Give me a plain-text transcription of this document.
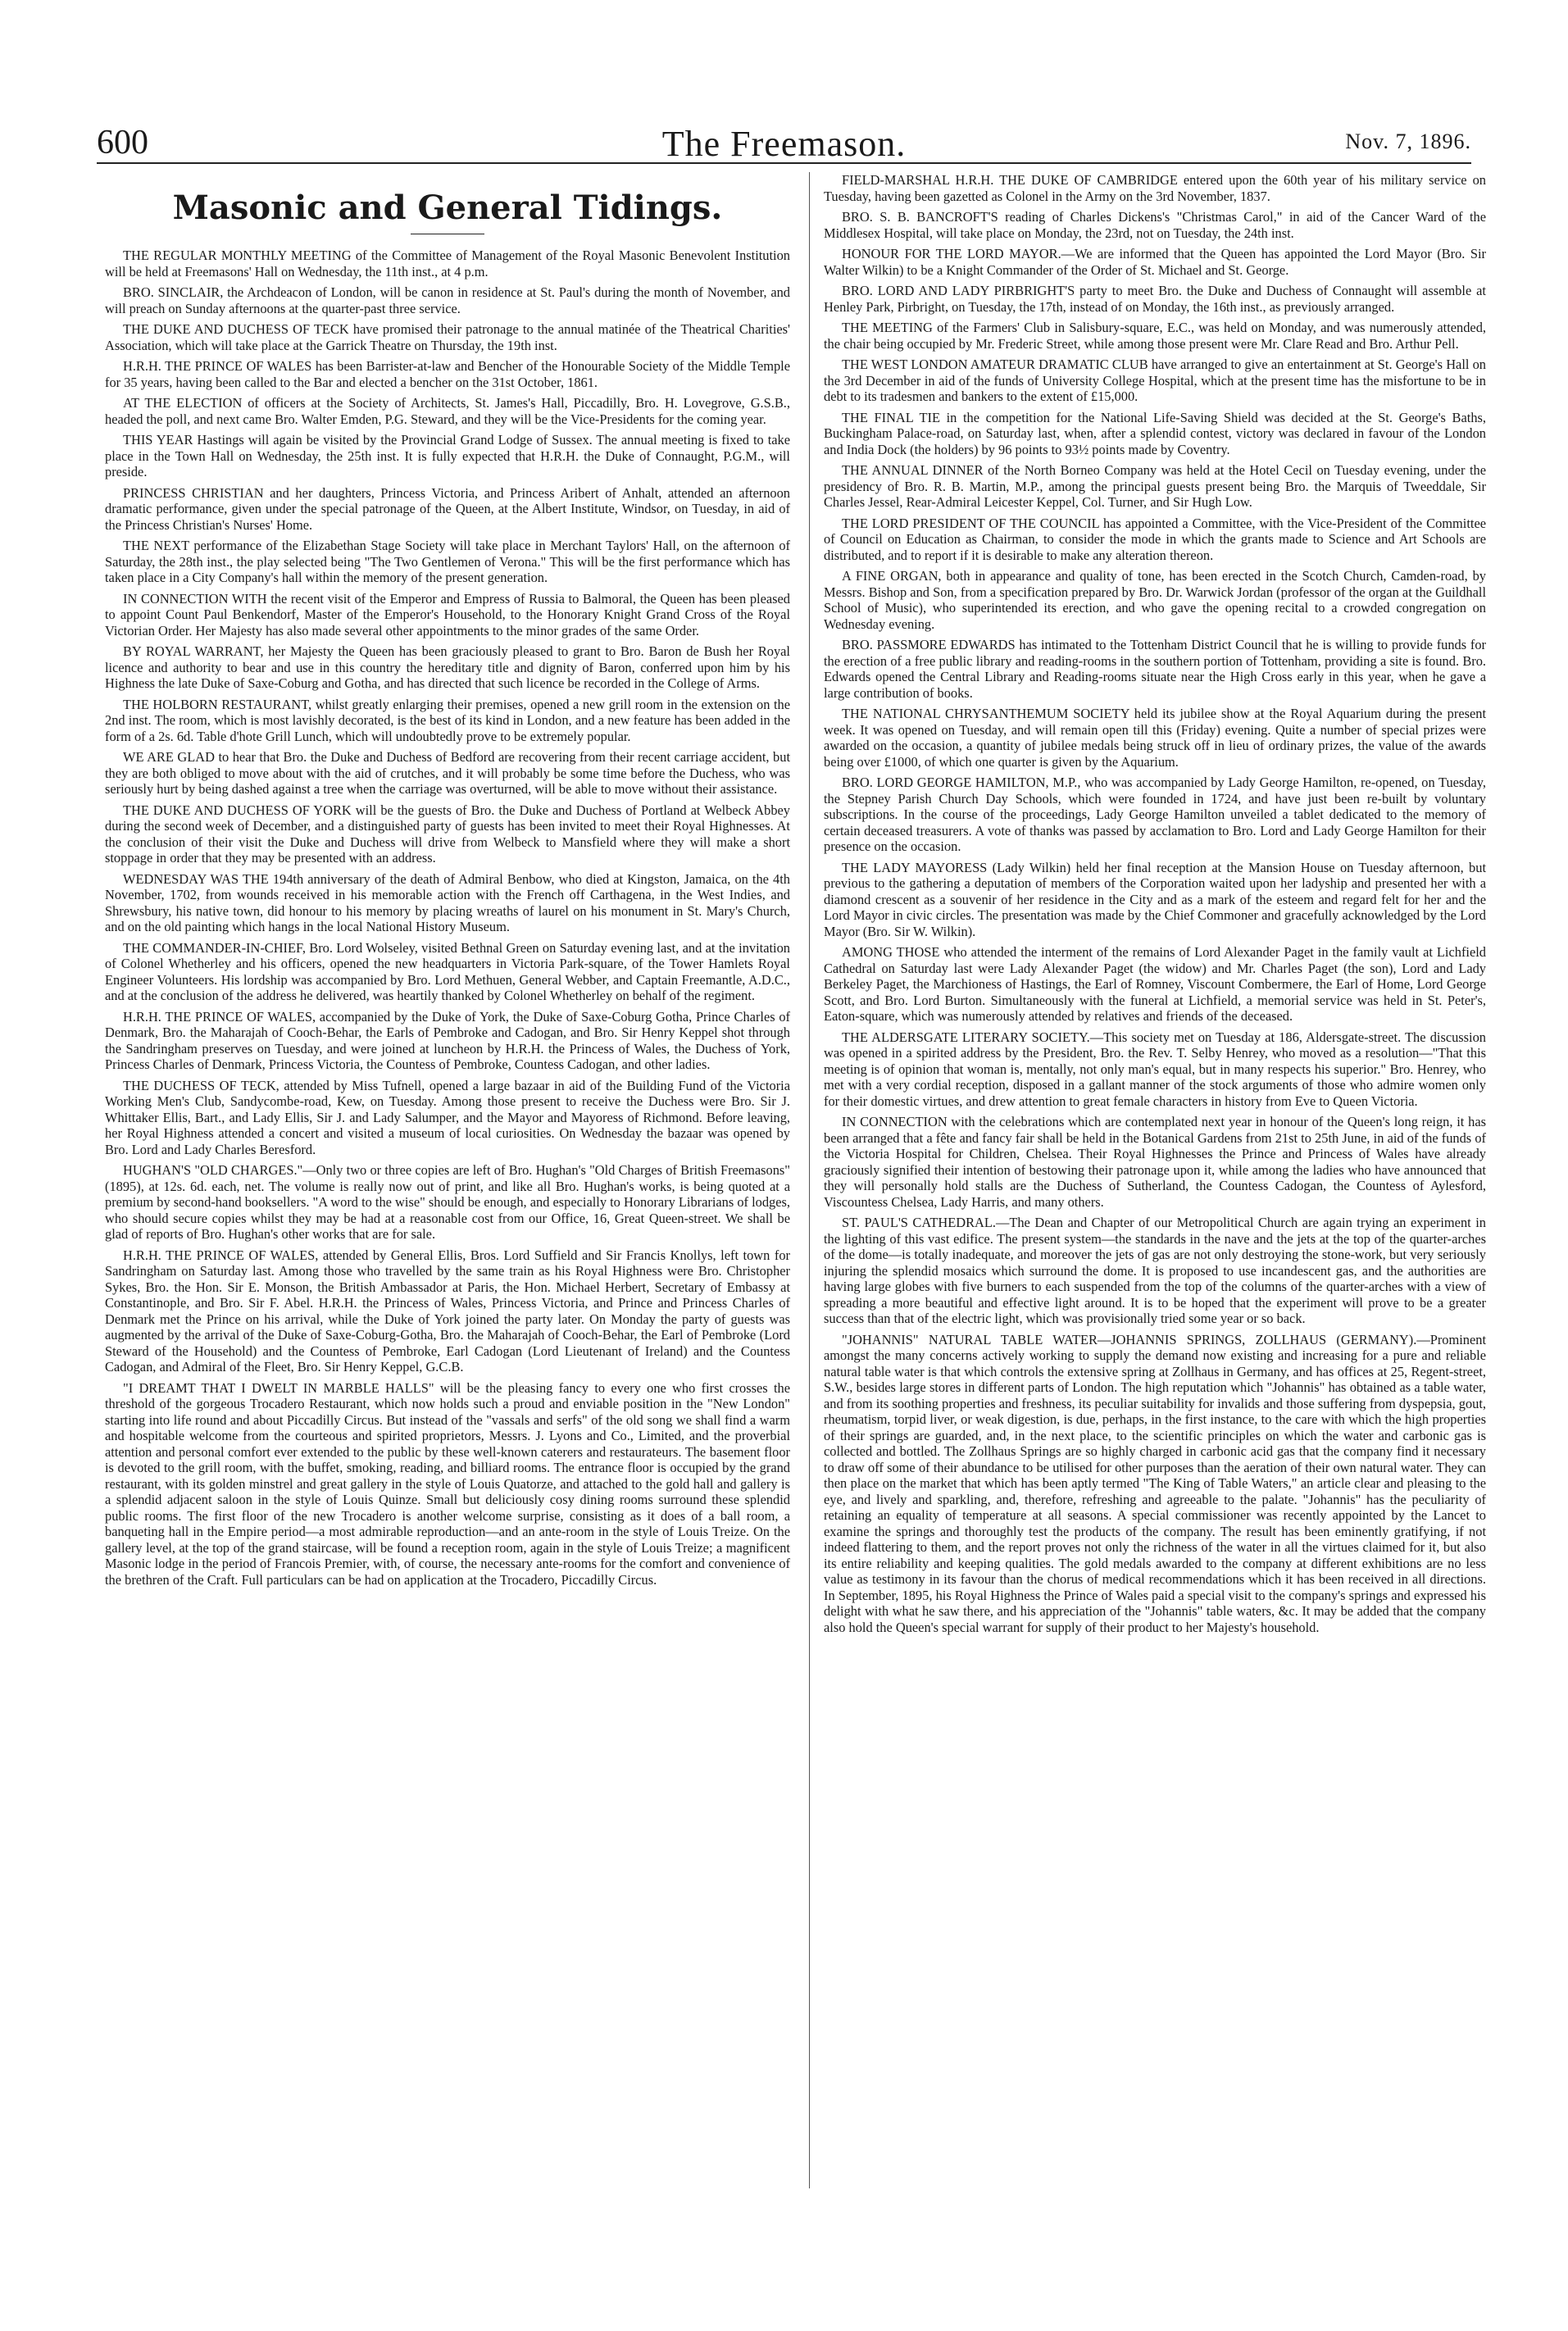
600	The Freemason.	Nov. 7, 1896.
Masonic and General Tidings.

THE REGULAR MONTHLY MEETING of the Committee of Management of the Royal Masonic Benevolent Institution will be held at Freemasons' Hall on Wednesday, the 11th inst., at 4 p.m.

BRO. SINCLAIR, the Archdeacon of London, will be canon in residence at St. Paul's during the month of November, and will preach on Sunday afternoons at the quarter-past three service.

THE DUKE AND DUCHESS OF TECK have promised their patronage to the annual matinée of the Theatrical Charities' Association, which will take place at the Garrick Theatre on Thursday, the 19th inst.

H.R.H. THE PRINCE OF WALES has been Barrister-at-law and Bencher of the Honourable Society of the Middle Temple for 35 years, having been called to the Bar and elected a bencher on the 31st October, 1861.

AT THE ELECTION of officers at the Society of Architects, St. James's Hall, Piccadilly, Bro. H. Lovegrove, G.S.B., headed the poll, and next came Bro. Walter Emden, P.G. Steward, and they will be the Vice-Presidents for the coming year.

THIS YEAR Hastings will again be visited by the Provincial Grand Lodge of Sussex. The annual meeting is fixed to take place in the Town Hall on Wednesday, the 25th inst. It is fully expected that H.R.H. the Duke of Connaught, P.G.M., will preside.

PRINCESS CHRISTIAN and her daughters, Princess Victoria, and Princess Aribert of Anhalt, attended an afternoon dramatic performance, given under the special patronage of the Queen, at the Albert Institute, Windsor, on Tuesday, in aid of the Princess Christian's Nurses' Home.

THE NEXT performance of the Elizabethan Stage Society will take place in Merchant Taylors' Hall, on the afternoon of Saturday, the 28th inst., the play selected being "The Two Gentlemen of Verona." This will be the first performance which has taken place in a City Company's hall within the memory of the present generation.

IN CONNECTION WITH the recent visit of the Emperor and Empress of Russia to Balmoral, the Queen has been pleased to appoint Count Paul Benkendorf, Master of the Emperor's Household, to the Honorary Knight Grand Cross of the Royal Victorian Order. Her Majesty has also made several other appointments to the minor grades of the same Order.

BY ROYAL WARRANT, her Majesty the Queen has been graciously pleased to grant to Bro. Baron de Bush her Royal licence and authority to bear and use in this country the hereditary title and dignity of Baron, conferred upon him by his Highness the late Duke of Saxe-Coburg and Gotha, and has directed that such licence be recorded in the College of Arms.

THE HOLBORN RESTAURANT, whilst greatly enlarging their premises, opened a new grill room in the extension on the 2nd inst. The room, which is most lavishly decorated, is the best of its kind in London, and a new feature has been added in the form of a 2s. 6d. Table d'hote Grill Lunch, which will undoubtedly prove to be extremely popular.

WE ARE GLAD to hear that Bro. the Duke and Duchess of Bedford are recovering from their recent carriage accident, but they are both obliged to move about with the aid of crutches, and it will probably be some time before the Duchess, who was seriously hurt by being dashed against a tree when the carriage was overturned, will be able to move without their assistance.

THE DUKE AND DUCHESS OF YORK will be the guests of Bro. the Duke and Duchess of Portland at Welbeck Abbey during the second week of December, and a distinguished party of guests has been invited to meet their Royal Highnesses. At the conclusion of their visit the Duke and Duchess will drive from Welbeck to Mansfield where they will make a short stoppage in order that they may be presented with an address.

WEDNESDAY WAS THE 194th anniversary of the death of Admiral Benbow, who died at Kingston, Jamaica, on the 4th November, 1702, from wounds received in his memorable action with the French off Carthagena, in the West Indies, and Shrewsbury, his native town, did honour to his memory by placing wreaths of laurel on his monument in St. Mary's Church, and on the old painting which hangs in the local National History Museum.

THE COMMANDER-IN-CHIEF, Bro. Lord Wolseley, visited Bethnal Green on Saturday evening last, and at the invitation of Colonel Whetherley and his officers, opened the new headquarters in Victoria Park-square, of the Tower Hamlets Royal Engineer Volunteers. His lordship was accompanied by Bro. Lord Methuen, General Webber, and Captain Freemantle, A.D.C., and at the conclusion of the address he delivered, was heartily thanked by Colonel Whetherley on behalf of the regiment.

H.R.H. THE PRINCE OF WALES, accompanied by the Duke of York, the Duke of Saxe-Coburg Gotha, Prince Charles of Denmark, Bro. the Maharajah of Cooch-Behar, the Earls of Pembroke and Cadogan, and Bro. Sir Henry Keppel shot through the Sandringham preserves on Tuesday, and were joined at luncheon by H.R.H. the Princess of Wales, the Duchess of York, Princess Charles of Denmark, Princess Victoria, the Countess of Pembroke, Countess Cadogan, and other ladies.

THE DUCHESS OF TECK, attended by Miss Tufnell, opened a large bazaar in aid of the Building Fund of the Victoria Working Men's Club, Sandycombe-road, Kew, on Tuesday. Among those present to receive the Duchess were Bro. Sir J. Whittaker Ellis, Bart., and Lady Ellis, Sir J. and Lady Salumper, and the Mayor and Mayoress of Richmond. Before leaving, her Royal Highness attended a concert and visited a museum of local curiosities. On Wednesday the bazaar was opened by Bro. Lord and Lady Charles Beresford.

HUGHAN'S "OLD CHARGES."—Only two or three copies are left of Bro. Hughan's "Old Charges of British Freemasons" (1895), at 12s. 6d. each, net. The volume is really now out of print, and like all Bro. Hughan's works, is being quoted at a premium by second-hand booksellers. "A word to the wise" should be enough, and especially to Honorary Librarians of lodges, who should secure copies whilst they may be had at a reasonable cost from our Office, 16, Great Queen-street. We shall be glad of reports of Bro. Hughan's other works that are for sale.

H.R.H. THE PRINCE OF WALES, attended by General Ellis, Bros. Lord Suffield and Sir Francis Knollys, left town for Sandringham on Saturday last. Among those who travelled by the same train as his Royal Highness were Bro. Christopher Sykes, Bro. the Hon. Sir E. Monson, the British Ambassador at Paris, the Hon. Michael Herbert, Secretary of Embassy at Constantinople, and Bro. Sir F. Abel. H.R.H. the Princess of Wales, Princess Victoria, and Prince and Princess Charles of Denmark met the Prince on his arrival, while the Duke of York joined the party later. On Monday the party of guests was augmented by the arrival of the Duke of Saxe-Coburg-Gotha, Bro. the Maharajah of Cooch-Behar, the Earl of Pembroke (Lord Steward of the Household) and the Countess of Pembroke, Earl Cadogan (Lord Lieutenant of Ireland) and the Countess Cadogan, and Admiral of the Fleet, Bro. Sir Henry Keppel, G.C.B.

"I DREAMT THAT I DWELT IN MARBLE HALLS" will be the pleasing fancy to every one who first crosses the threshold of the gorgeous Trocadero Restaurant, which now holds such a proud and enviable position in the "New London" starting into life round and about Piccadilly Circus. But instead of the "vassals and serfs" of the old song we shall find a warm and hospitable welcome from the courteous and spirited proprietors, Messrs. J. Lyons and Co., Limited, and the proverbial attention and personal comfort ever extended to the public by these well-known caterers and restaurateurs. The basement floor is devoted to the grill room, with the buffet, smoking, reading, and billiard rooms. The entrance floor is occupied by the grand restaurant, with its golden minstrel and great gallery in the style of Louis Quatorze, and attached to the gold hall and gallery is a splendid adjacent saloon in the style of Louis Quinze. Small but deliciously cosy dining rooms surround these splendid public rooms. The first floor of the new Trocadero is another welcome surprise, consisting as it does of a ball room, a banqueting hall in the Empire period—a most admirable reproduction—and an ante-room in the style of Louis Treize. On the gallery level, at the top of the grand staircase, will be found a reception room, again in the style of Louis Treize; a magnificent Masonic lodge in the period of Francois Premier, with, of course, the necessary ante-rooms for the comfort and convenience of the brethren of the Craft. Full particulars can be had on application at the Trocadero, Piccadilly Circus.

FIELD-MARSHAL H.R.H. THE DUKE OF CAMBRIDGE entered upon the 60th year of his military service on Tuesday, having been gazetted as Colonel in the Army on the 3rd November, 1837.

BRO. S. B. BANCROFT'S reading of Charles Dickens's "Christmas Carol," in aid of the Cancer Ward of the Middlesex Hospital, will take place on Monday, the 23rd, not on Tuesday, the 24th inst.

HONOUR FOR THE LORD MAYOR.—We are informed that the Queen has appointed the Lord Mayor (Bro. Sir Walter Wilkin) to be a Knight Commander of the Order of St. Michael and St. George.

BRO. LORD AND LADY PIRBRIGHT'S party to meet Bro. the Duke and Duchess of Connaught will assemble at Henley Park, Pirbright, on Tuesday, the 17th, instead of on Monday, the 16th inst., as previously arranged.

THE MEETING of the Farmers' Club in Salisbury-square, E.C., was held on Monday, and was numerously attended, the chair being occupied by Mr. Frederic Street, while among those present were Mr. Clare Read and Bro. Arthur Pell.

THE WEST LONDON AMATEUR DRAMATIC CLUB have arranged to give an entertainment at St. George's Hall on the 3rd December in aid of the funds of University College Hospital, which at the present time has the misfortune to be in debt to its tradesmen and bankers to the extent of £15,000.

THE FINAL TIE in the competition for the National Life-Saving Shield was decided at the St. George's Baths, Buckingham Palace-road, on Saturday last, when, after a splendid contest, victory was declared in favour of the London and India Dock (the holders) by 96 points to 93½ points made by Coventry.

THE ANNUAL DINNER of the North Borneo Company was held at the Hotel Cecil on Tuesday evening, under the presidency of Bro. R. B. Martin, M.P., among the principal guests present being Bro. the Marquis of Tweeddale, Sir Charles Jessel, Rear-Admiral Leicester Keppel, Col. Turner, and Sir Hugh Low.

THE LORD PRESIDENT OF THE COUNCIL has appointed a Committee, with the Vice-President of the Committee of Council on Education as Chairman, to consider the mode in which the grants made to Science and Art Schools are distributed, and to report if it is desirable to make any alteration thereon.

A FINE ORGAN, both in appearance and quality of tone, has been erected in the Scotch Church, Camden-road, by Messrs. Bishop and Son, from a specification prepared by Bro. Dr. Warwick Jordan (professor of the organ at the Guildhall School of Music), who superintended its erection, and who gave the opening recital to a crowded congregation on Wednesday evening.

BRO. PASSMORE EDWARDS has intimated to the Tottenham District Council that he is willing to provide funds for the erection of a free public library and reading-rooms in the southern portion of Tottenham, providing a site is found. Bro. Edwards opened the Central Library and Reading-rooms situate near the High Cross early in this year, when he gave a large contribution of books.

THE NATIONAL CHRYSANTHEMUM SOCIETY held its jubilee show at the Royal Aquarium during the present week. It was opened on Tuesday, and will remain open till this (Friday) evening. Quite a number of special prizes were awarded on the occasion, a quantity of jubilee medals being struck off in lieu of ordinary prizes, the value of the awards being over £1000, of which one quarter is given by the Aquarium.

BRO. LORD GEORGE HAMILTON, M.P., who was accompanied by Lady George Hamilton, re-opened, on Tuesday, the Stepney Parish Church Day Schools, which were founded in 1724, and have just been re-built by voluntary subscriptions. In the course of the proceedings, Lady George Hamilton unveiled a tablet dedicated to the memory of certain deceased treasurers. A vote of thanks was passed by acclamation to Bro. Lord and Lady George Hamilton for their presence on the occasion.

THE LADY MAYORESS (Lady Wilkin) held her final reception at the Mansion House on Tuesday afternoon, but previous to the gathering a deputation of members of the Corporation waited upon her ladyship and presented her with a diamond crescent as a souvenir of her residence in the City and as a mark of the esteem and regard felt for her and the Lord Mayor in civic circles. The presentation was made by the Chief Commoner and gracefully acknowledged by the Lord Mayor (Bro. Sir W. Wilkin).

AMONG THOSE who attended the interment of the remains of Lord Alexander Paget in the family vault at Lichfield Cathedral on Saturday last were Lady Alexander Paget (the widow) and Mr. Charles Paget (the son), Lord and Lady Berkeley Paget, the Marchioness of Hastings, the Earl of Romney, Viscount Combermere, the Earl of Home, Lord George Scott, and Bro. Lord Burton. Simultaneously with the funeral at Lichfield, a memorial service was held in St. Peter's, Eaton-square, which was numerously attended by relatives and friends of the deceased.

THE ALDERSGATE LITERARY SOCIETY.—This society met on Tuesday at 186, Aldersgate-street. The discussion was opened in a spirited address by the President, Bro. the Rev. T. Selby Henrey, who moved as a resolution—"That this meeting is of opinion that woman is, mentally, not only man's equal, but in many respects his superior." Bro. Henrey, who met with a very cordial reception, disposed in a gallant manner of the stock arguments of those who admire women only for their domestic virtues, and drew attention to great female characters in history from Eve to Queen Victoria.

IN CONNECTION with the celebrations which are contemplated next year in honour of the Queen's long reign, it has been arranged that a fête and fancy fair shall be held in the Botanical Gardens from 21st to 25th June, in aid of the funds of the Victoria Hospital for Children, Chelsea. Their Royal Highnesses the Prince and Princess of Wales have already graciously signified their intention of bestowing their patronage upon it, while among the ladies who have announced that they will personally hold stalls are the Duchess of Sutherland, the Countess Cadogan, the Countess of Aylesford, Viscountess Chelsea, Lady Harris, and many others.

ST. PAUL'S CATHEDRAL.—The Dean and Chapter of our Metropolitical Church are again trying an experiment in the lighting of this vast edifice. The present system—the standards in the nave and the jets at the top of the quarter-arches of the dome—is totally inadequate, and moreover the jets of gas are not only destroying the stone-work, but very seriously injuring the splendid mosaics which surround the dome. It is proposed to use incandescent gas, and the authorities are having large globes with five burners to each suspended from the top of the columns of the quarter-arches with a view of spreading a more beautiful and effective light around. It is to be hoped that the experiment will prove to be a greater success than that of the electric light, which was provisionally tried some year or so back.

"JOHANNIS" NATURAL TABLE WATER—JOHANNIS SPRINGS, ZOLLHAUS (GERMANY).—Prominent amongst the many concerns actively working to supply the demand now existing and increasing for a pure and reliable natural table water is that which controls the extensive spring at Zollhaus in Germany, and has offices at 25, Regent-street, S.W., besides large stores in different parts of London. The high reputation which "Johannis" has obtained as a table water, and from its soothing properties and freshness, its peculiar suitability for invalids and those suffering from dyspepsia, gout, rheumatism, torpid liver, or weak digestion, is due, perhaps, in the first instance, to the care with which the high properties of their springs are guarded, and, in the next place, to the scientific principles on which the water and carbonic gas is collected and bottled. The Zollhaus Springs are so highly charged in carbonic acid gas that the company find it necessary to draw off some of their abundance to be utilised for other purposes than the aeration of their own natural water. They can then place on the market that which has been aptly termed "The King of Table Waters," an article clear and pleasing to the eye, and lively and sparkling, and, therefore, refreshing and agreeable to the palate. "Johannis" has the peculiarity of retaining an equality of temperature at all seasons. A special commissioner was recently appointed by the Lancet to examine the springs and thoroughly test the products of the company. The result has been eminently gratifying, if not indeed flattering to them, and the report proves not only the richness of the water in all the virtues claimed for it, but also its entire reliability and keeping qualities. The gold medals awarded to the company at different exhibitions are no less value as testimony in its favour than the chorus of medical recommendations which it has been received in all directions. In September, 1895, his Royal Highness the Prince of Wales paid a special visit to the company's springs and expressed his delight with what he saw there, and his appreciation of the "Johannis" table waters, &c. It may be added that the company also hold the Queen's special warrant for supply of their product to her Majesty's household.
